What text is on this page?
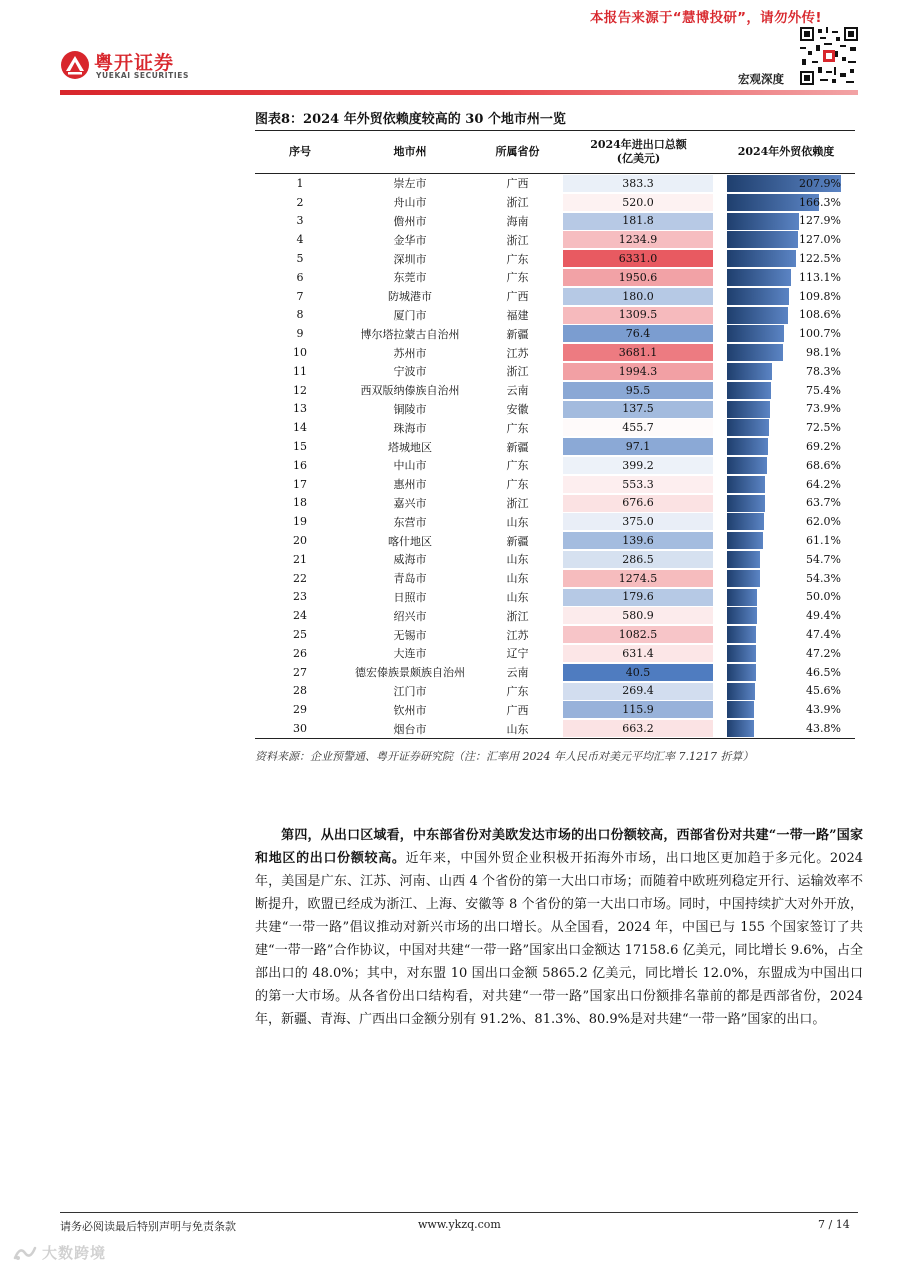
本报告来源于“慧博投研”，请勿外传!
粤开证券
YUEKAI SECURITIES	宏观深度
图表8：2024 年外贸依赖度较高的 30 个地市州一览
序号	地市州	所属省份
2024年进出口总额
(亿美元)
2024年外贸依赖度
1	崇左市	广西	383.3	207.9%
2	舟山市	浙江	520.0	166.3%
3	儋州市	海南	181.8	127.9%
4	金华市	浙江	1234.9	127.0%
5	深圳市	广东	6331.0	122.5%
6	东莞市	广东	1950.6	113.1%
7	防城港市	广西	180.0	109.8%
8	厦门市	福建	1309.5	108.6%
9	博尔塔拉蒙古自治州	新疆	76.4	100.7%
10	苏州市	江苏	3681.1	98.1%
11	宁波市	浙江	1994.3	78.3%
12	西双版纳傣族自治州	云南	95.5	75.4%
13	铜陵市	安徽	137.5	73.9%
14	珠海市	广东	455.7	72.5%
15	塔城地区	新疆	97.1	69.2%
16	中山市	广东	399.2	68.6%
17	惠州市	广东	553.3	64.2%
18	嘉兴市	浙江	676.6	63.7%
19	东营市	山东	375.0	62.0%
20	喀什地区	新疆	139.6	61.1%
21	威海市	山东	286.5	54.7%
22	青岛市	山东	1274.5	54.3%
23	日照市	山东	179.6	50.0%
24	绍兴市	浙江	580.9	49.4%
25	无锡市	江苏	1082.5	47.4%
26	大连市	辽宁	631.4	47.2%
27	德宏傣族景颇族自治州	云南	40.5	46.5%
28	江门市	广东	269.4	45.6%
29	钦州市	广西	115.9	43.9%
30	烟台市	山东	663.2	43.8%
资料来源：企业预警通、粤开证券研究院（注：汇率用 2024 年人民币对美元平均汇率 7.1217 折算）
  第四，从出口区域看，中东部省份对美欧发达市场的出口份额较高，西部省份对共建“一带一路”国家和地区的出口份额较高。近年来，中国外贸企业积极开拓海外市场，出口地区更加趋于多元化。2024 年，美国是广东、江苏、河南、山西 4 个省份的第一大出口市场；而随着中欧班列稳定开行、运输效率不断提升，欧盟已经成为浙江、上海、安徽等 8 个省份的第一大出口市场。同时，中国持续扩大对外开放，共建“一带一路”倡议推动对新兴市场的出口增长。从全国看，2024 年，中国已与 155 个国家签订了共建“一带一路”合作协议，中国对共建“一带一路”国家出口金额达 17158.6 亿美元，同比增长 9.6%，占全部出口的 48.0%；其中，对东盟 10 国出口金额 5865.2 亿美元，同比增长 12.0%，东盟成为中国出口的第一大市场。从各省份出口结构看，对共建“一带一路”国家出口份额排名靠前的都是西部省份，2024 年，新疆、青海、广西出口金额分别有 91.2%、81.3%、80.9%是对共建“一带一路”国家的出口。
请务必阅读最后特别声明与免责条款	www.ykzq.com	7 / 14
大数跨境
